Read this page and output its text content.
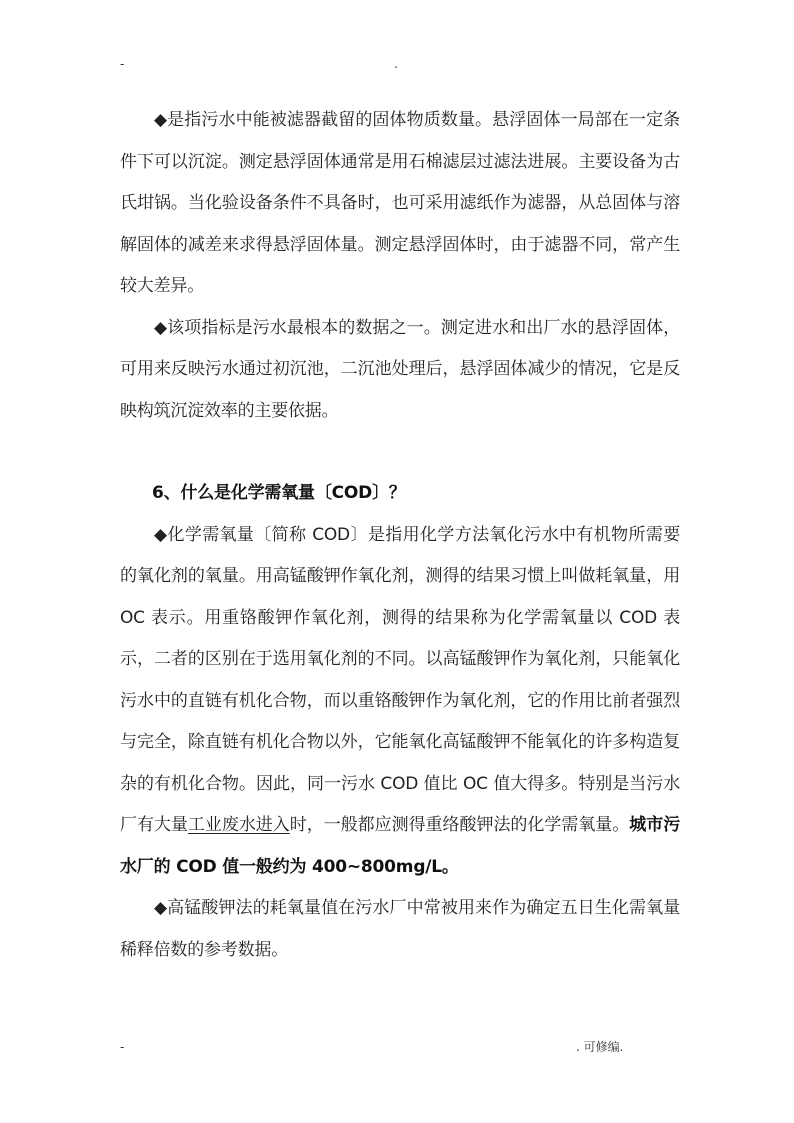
-	.

◆是指污水中能被滤器截留的固体物质数量。悬浮固体一局部在一定条件下可以沉淀。测定悬浮固体通常是用石棉滤层过滤法进展。主要设备为古氏坩锅。当化验设备条件不具备时，也可采用滤纸作为滤器，从总固体与溶解固体的减差来求得悬浮固体量。测定悬浮固体时，由于滤器不同，常产生较大差异。

◆该项指标是污水最根本的数据之一。测定进水和出厂水的悬浮固体，可用来反映污水通过初沉池，二沉池处理后，悬浮固体减少的情况，它是反映构筑沉淀效率的主要依据。

6、什么是化学需氧量〔COD〕？

◆化学需氧量〔简称 COD〕是指用化学方法氧化污水中有机物所需要的氧化剂的氧量。用高锰酸钾作氧化剂，测得的结果习惯上叫做耗氧量，用 OC 表示。用重铬酸钾作氧化剂，测得的结果称为化学需氧量以 COD 表示，二者的区别在于选用氧化剂的不同。以高锰酸钾作为氧化剂，只能氧化污水中的直链有机化合物，而以重铬酸钾作为氧化剂，它的作用比前者强烈与完全，除直链有机化合物以外，它能氧化高锰酸钾不能氧化的许多构造复杂的有机化合物。因此，同一污水 COD 值比 OC 值大得多。特别是当污水厂有大量工业废水进入时，一般都应测得重络酸钾法的化学需氧量。城市污水厂的 COD 值一般约为 400~800mg/L。

◆高锰酸钾法的耗氧量值在污水厂中常被用来作为确定五日生化需氧量稀释倍数的参考数据。

-	. 可修编.
